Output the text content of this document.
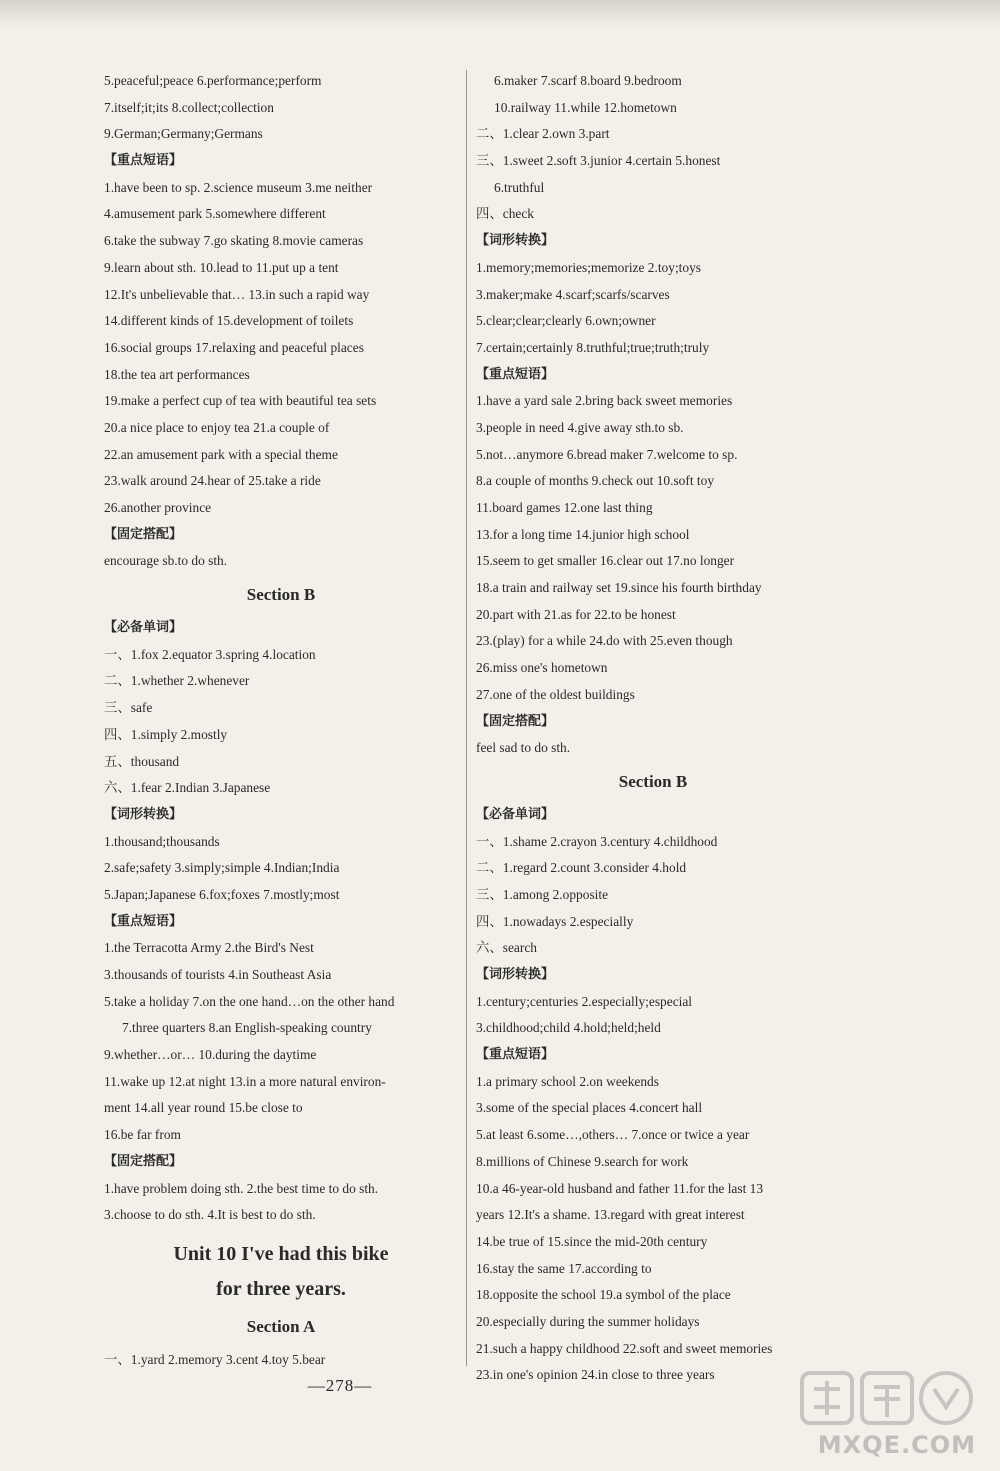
5.peaceful;peace 6.performance;perform
7.itself;it;its 8.collect;collection
9.German;Germany;Germans
【重点短语】
1.have been to sp. 2.science museum 3.me neither
4.amusement park 5.somewhere different
6.take the subway 7.go skating 8.movie cameras
9.learn about sth. 10.lead to 11.put up a tent
12.It's unbelievable that… 13.in such a rapid way
14.different kinds of 15.development of toilets
16.social groups 17.relaxing and peaceful places
18.the tea art performances
19.make a perfect cup of tea with beautiful tea sets
20.a nice place to enjoy tea 21.a couple of
22.an amusement park with a special theme
23.walk around 24.hear of 25.take a ride
26.another province
【固定搭配】
encourage sb.to do sth.
Section B
【必备单词】
一、1.fox 2.equator 3.spring 4.location
二、1.whether 2.whenever
三、safe
四、1.simply 2.mostly
五、thousand
六、1.fear 2.Indian 3.Japanese
【词形转换】
1.thousand;thousands
2.safe;safety 3.simply;simple 4.Indian;India
5.Japan;Japanese 6.fox;foxes 7.mostly;most
【重点短语】
1.the Terracotta Army 2.the Bird's Nest
3.thousands of tourists 4.in Southeast Asia
5.take a holiday 7.on the one hand…on the other hand
7.three quarters 8.an English-speaking country
9.whether…or… 10.during the daytime
11.wake up 12.at night 13.in a more natural environ-
ment 14.all year round 15.be close to
16.be far from
【固定搭配】
1.have problem doing sth. 2.the best time to do sth.
3.choose to do sth. 4.It is best to do sth.
Unit 10 I've had this bike
for three years.
Section A
一、1.yard 2.memory 3.cent 4.toy 5.bear
6.maker 7.scarf 8.board 9.bedroom
10.railway 11.while 12.hometown
二、1.clear 2.own 3.part
三、1.sweet 2.soft 3.junior 4.certain 5.honest
6.truthful
四、check
【词形转换】
1.memory;memories;memorize 2.toy;toys
3.maker;make 4.scarf;scarfs/scarves
5.clear;clear;clearly 6.own;owner
7.certain;certainly 8.truthful;true;truth;truly
【重点短语】
1.have a yard sale 2.bring back sweet memories
3.people in need 4.give away sth.to sb.
5.not…anymore 6.bread maker 7.welcome to sp.
8.a couple of months 9.check out 10.soft toy
11.board games 12.one last thing
13.for a long time 14.junior high school
15.seem to get smaller 16.clear out 17.no longer
18.a train and railway set 19.since his fourth birthday
20.part with 21.as for 22.to be honest
23.(play) for a while 24.do with 25.even though
26.miss one's hometown
27.one of the oldest buildings
【固定搭配】
feel sad to do sth.
Section B
【必备单词】
一、1.shame 2.crayon 3.century 4.childhood
二、1.regard 2.count 3.consider 4.hold
三、1.among 2.opposite
四、1.nowadays 2.especially
六、search
【词形转换】
1.century;centuries 2.especially;especial
3.childhood;child 4.hold;held;held
【重点短语】
1.a primary school 2.on weekends
3.some of the special places 4.concert hall
5.at least 6.some…,others… 7.once or twice a year
8.millions of Chinese 9.search for work
10.a 46-year-old husband and father 11.for the last 13
years 12.It's a shame. 13.regard with great interest
14.be true of 15.since the mid-20th century
16.stay the same 17.according to
18.opposite the school 19.a symbol of the place
20.especially during the summer holidays
21.such a happy childhood 22.soft and sweet memories
23.in one's opinion 24.in close to three years
—278—
MXQE.COM
